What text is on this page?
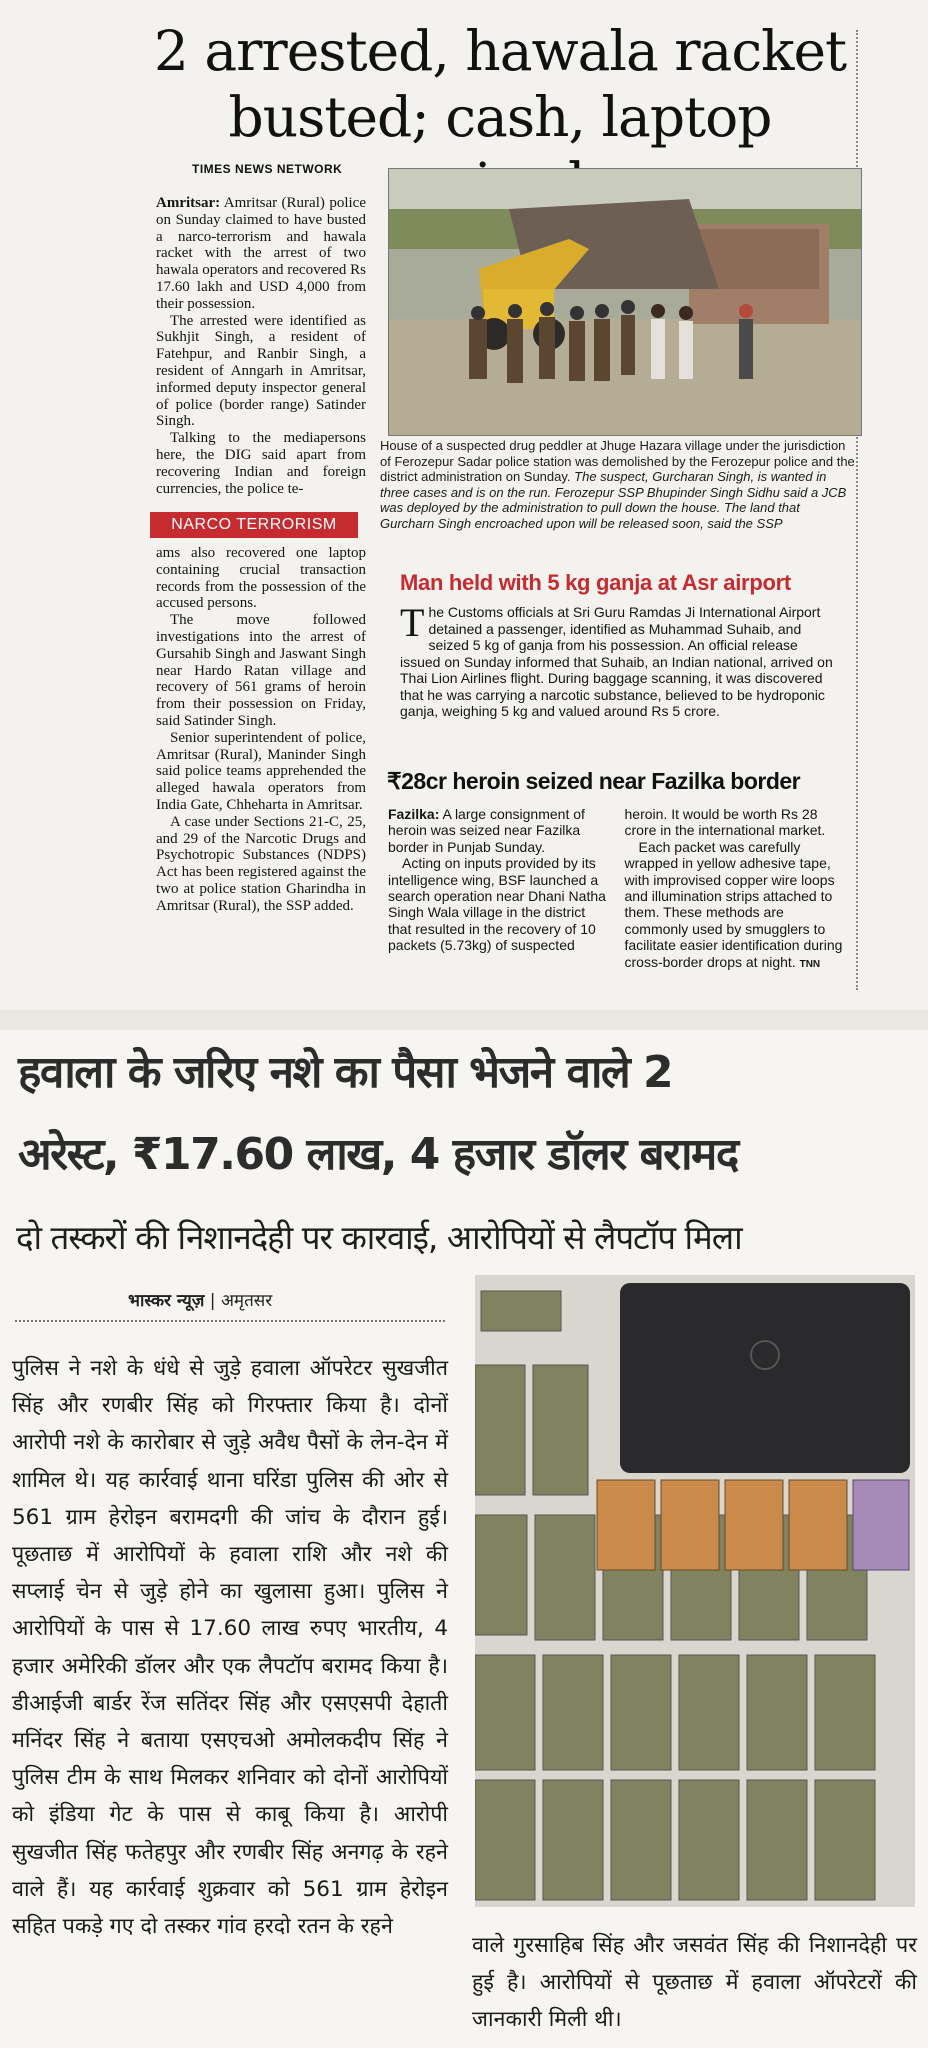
2 arrested, hawala racket busted; cash, laptop
TIMES NEWS NETWORK

Amritsar: Amritsar (Rural) police on Sunday claimed to have busted a narco-terrorism and hawala racket with the arrest of two hawala operators and recovered Rs 17.60 lakh and USD 4,000 from their possession.

The arrested were identified as Sukhjit Singh, a resident of Fatehpur, and Ranbir Singh, a resident of Anngarh in Amritsar, informed deputy inspector general of police (border range) Satinder Singh.

Talking to the mediapersons here, the DIG said apart from recovering Indian and foreign currencies, the police te-

NARCO TERRORISM

ams also recovered one laptop containing crucial transaction records from the possession of the accused persons.

The move followed investigations into the arrest of Gursahib Singh and Jaswant Singh near Hardo Ratan village and recovery of 561 grams of heroin from their possession on Friday, said Satinder Singh.

Senior superintendent of police, Amritsar (Rural), Maninder Singh said police teams apprehended the alleged hawala operators from India Gate, Chheharta in Amritsar.

A case under Sections 21-C, 25, and 29 of the Narcotic Drugs and Psychotropic Substances (NDPS) Act has been registered against the two at police station Gharindha in Amritsar (Rural), the SSP added.

House of a suspected drug peddler at Jhuge Hazara village under the jurisdiction of Ferozepur Sadar police station was demolished by the Ferozepur police and the district administration on Sunday. The suspect, Gurcharan Singh, is wanted in three cases and is on the run. Ferozepur SSP Bhupinder Singh Sidhu said a JCB was deployed by the administration to pull down the house. The land that Gurcharn Singh encroached upon will be released soon, said the SSP
Man held with 5 kg ganja at Asr airport
The Customs officials at Sri Guru Ramdas Ji International Airport detained a passenger, identified as Muhammad Suhaib, and seized 5 kg of ganja from his possession. An official release issued on Sunday informed that Suhaib, an Indian national, arrived on Thai Lion Airlines flight. During baggage scanning, it was discovered that he was carrying a narcotic substance, believed to be hydroponic ganja, weighing 5 kg and valued around Rs 5 crore.
₹28cr heroin seized near Fazilka border

Fazilka: A large consignment of heroin was seized near Fazilka border in Punjab Sunday.

Acting on inputs provided by its intelligence wing, BSF launched a search operation near Dhani Natha Singh Wala village in the district that resulted in the recovery of 10 packets (5.73kg) of suspected heroin. It would be worth Rs 28 crore in the international market.

Each packet was carefully wrapped in yellow adhesive tape, with improvised copper wire loops and illumination strips attached to them. These methods are commonly used by smugglers to facilitate easier identification during cross-border drops at night. TNN

हवाला के जरिए नशे का पैसा भेजने वाले 2
अरेस्ट, ₹17.60 लाख, 4 हजार डॉलर बरामद
दो तस्करों की निशानदेही पर कारवाई, आरोपियों से लैपटॉप मिला
भास्कर न्यूज़ | अमृतसर
पुलिस ने नशे के धंधे से जुड़े हवाला ऑपरेटर सुखजीत सिंह और रणबीर सिंह को गिरफ्तार किया है। दोनों आरोपी नशे के कारोबार से जुड़े अवैध पैसों के लेन-देन में शामिल थे। यह कार्रवाई थाना घरिंडा पुलिस की ओर से 561 ग्राम हेरोइन बरामदगी की जांच के दौरान हुई। पूछताछ में आरोपियों के हवाला राशि और नशे की सप्लाई चेन से जुड़े होने का खुलासा हुआ। पुलिस ने आरोपियों के पास से 17.60 लाख रुपए भारतीय, 4 हजार अमेरिकी डॉलर और एक लैपटॉप बरामद किया है। डीआईजी बार्डर रेंज सतिंदर सिंह और एसएसपी देहाती मनिंदर सिंह ने बताया एसएचओ अमोलकदीप सिंह ने पुलिस टीम के साथ मिलकर शनिवार को दोनों आरोपियों को इंडिया गेट के पास से काबू किया है। आरोपी सुखजीत सिंह फतेहपुर और रणबीर सिंह अनगढ़ के रहने वाले हैं। यह कार्रवाई शुक्रवार को 561 ग्राम हेरोइन सहित पकड़े गए दो तस्कर गांव हरदो रतन के रहने
वाले गुरसाहिब सिंह और जसवंत सिंह की निशानदेही पर हुई है। आरोपियों से पूछताछ में हवाला ऑपरेटरों की जानकारी मिली थी।
